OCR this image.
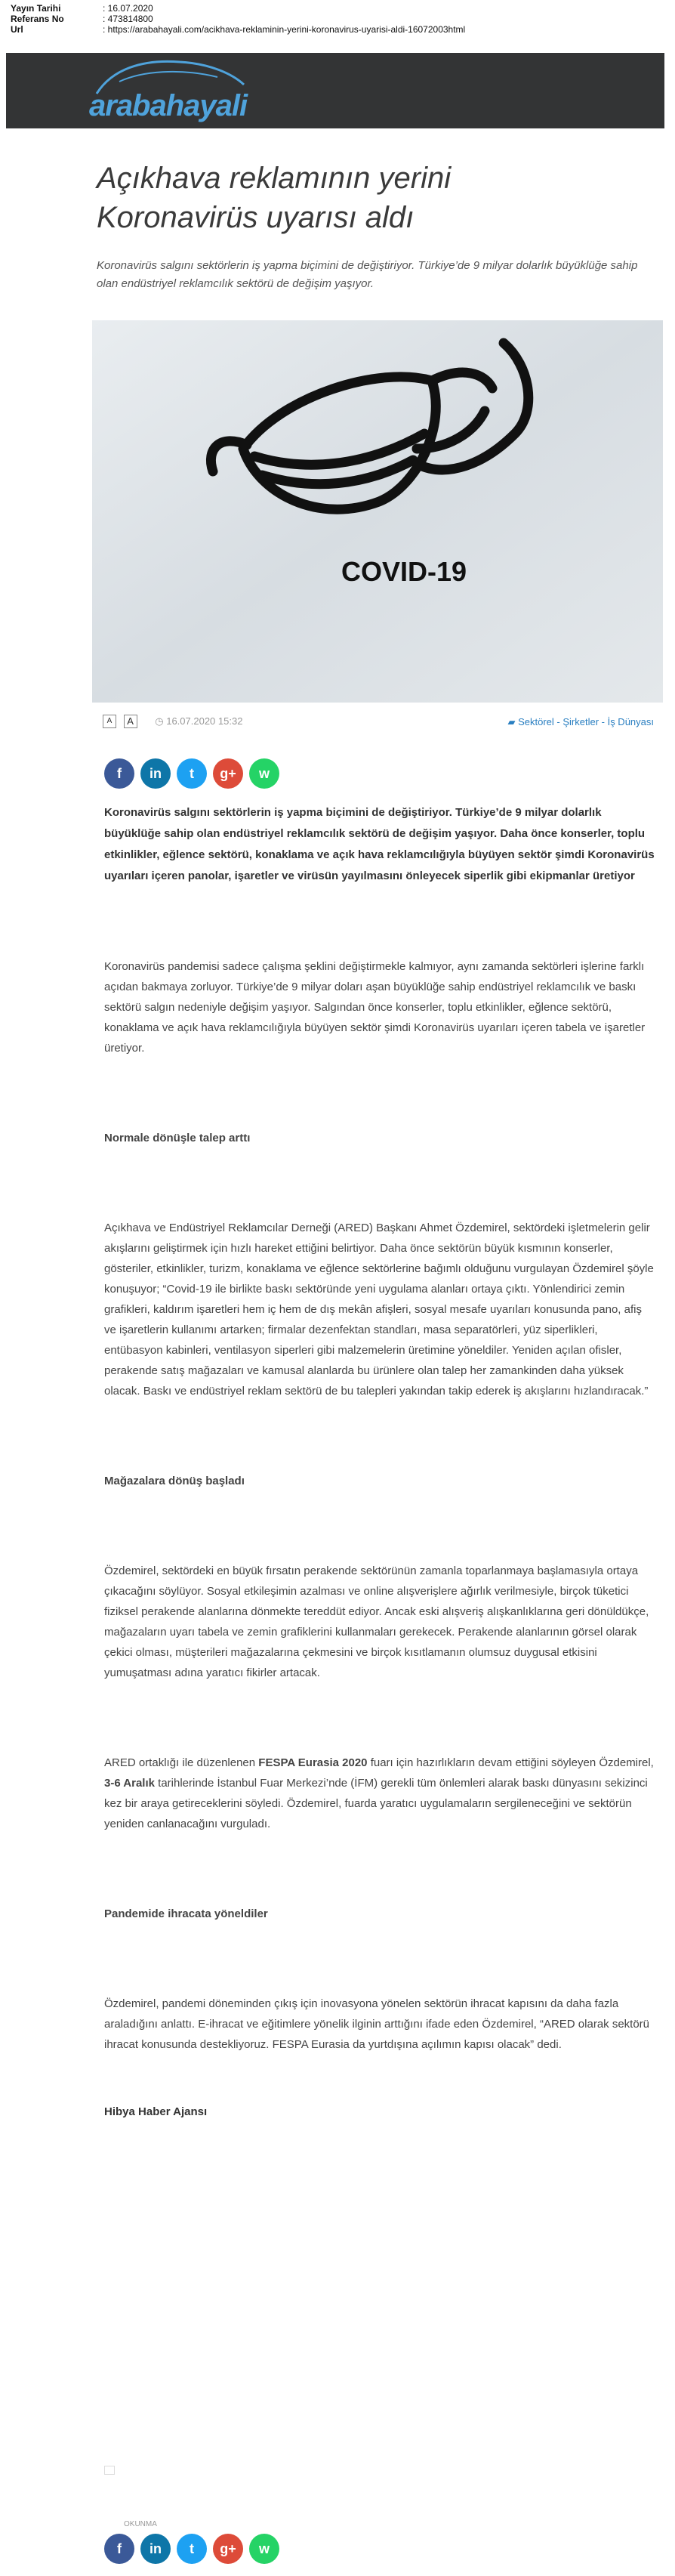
Yayın Tarihi	: 16.07.2020
Referans No	: 473814800
Url	: https://arabahayali.com/acikhava-reklaminin-yerini-koronavirus-uyarisi-aldi-16072003html
arabahayali
Açıkhava reklamının yerini Koronavirüs uyarısı aldı
Koronavirüs salgını sektörlerin iş yapma biçimini de değiştiriyor. Türkiye’de 9 milyar dolarlık büyüklüğe sahip olan endüstriyel reklamcılık sektörü de değişim yaşıyor.
COVID-19
A A ◷ 16.07.2020 15:32	▰ Sektörel - Şirketler - İş Dünyası
f	in	t	g+	w

Koronavirüs salgını sektörlerin iş yapma biçimini de değiştiriyor. Türkiye’de 9 milyar dolarlık büyüklüğe sahip olan endüstriyel reklamcılık sektörü de değişim yaşıyor. Daha önce konserler, toplu etkinlikler, eğlence sektörü, konaklama ve açık hava reklamcılığıyla büyüyen sektör şimdi Koronavirüs uyarıları içeren panolar, işaretler ve virüsün yayılmasını önleyecek siperlik gibi ekipmanlar üretiyor

Koronavirüs pandemisi sadece çalışma şeklini değiştirmekle kalmıyor, aynı zamanda sektörleri işlerine farklı açıdan bakmaya zorluyor. Türkiye’de 9 milyar doları aşan büyüklüğe sahip endüstriyel reklamcılık ve baskı sektörü salgın nedeniyle değişim yaşıyor. Salgından önce konserler, toplu etkinlikler, eğlence sektörü, konaklama ve açık hava reklamcılığıyla büyüyen sektör şimdi Koronavirüs uyarıları içeren tabela ve işaretler üretiyor.

Normale dönüşle talep arttı

Açıkhava ve Endüstriyel Reklamcılar Derneği (ARED) Başkanı Ahmet Özdemirel, sektördeki işletmelerin gelir akışlarını geliştirmek için hızlı hareket ettiğini belirtiyor. Daha önce sektörün büyük kısmının konserler, gösteriler, etkinlikler, turizm, konaklama ve eğlence sektörlerine bağımlı olduğunu vurgulayan Özdemirel şöyle konuşuyor; “Covid-19 ile birlikte baskı sektöründe yeni uygulama alanları ortaya çıktı. Yönlendirici zemin grafikleri, kaldırım işaretleri hem iç hem de dış mekân afişleri, sosyal mesafe uyarıları konusunda pano, afiş ve işaretlerin kullanımı artarken; firmalar dezenfektan standları, masa separatörleri, yüz siperlikleri, entübasyon kabinleri, ventilasyon siperleri gibi malzemelerin üretimine yöneldiler. Yeniden açılan ofisler, perakende satış mağazaları ve kamusal alanlarda bu ürünlere olan talep her zamankinden daha yüksek olacak. Baskı ve endüstriyel reklam sektörü de bu talepleri yakından takip ederek iş akışlarını hızlandıracak.”

Mağazalara dönüş başladı

Özdemirel, sektördeki en büyük fırsatın perakende sektörünün zamanla toparlanmaya başlamasıyla ortaya çıkacağını söylüyor. Sosyal etkileşimin azalması ve online alışverişlere ağırlık verilmesiyle, birçok tüketici fiziksel perakende alanlarına dönmekte tereddüt ediyor. Ancak eski alışveriş alışkanlıklarına geri dönüldükçe, mağazaların uyarı tabela ve zemin grafiklerini kullanmaları gerekecek. Perakende alanlarının görsel olarak çekici olması, müşterileri mağazalarına çekmesini ve birçok kısıtlamanın olumsuz duygusal etkisini yumuşatması adına yaratıcı fikirler artacak.

ARED ortaklığı ile düzenlenen FESPA Eurasia 2020 fuarı için hazırlıkların devam ettiğini söyleyen Özdemirel, 3-6 Aralık tarihlerinde İstanbul Fuar Merkezi’nde (İFM) gerekli tüm önlemleri alarak baskı dünyasını sekizinci kez bir araya getireceklerini söyledi. Özdemirel, fuarda yaratıcı uygulamaların sergileneceğini ve sektörün yeniden canlanacağını vurguladı.

Pandemide ihracata yöneldiler

Özdemirel, pandemi döneminden çıkış için inovasyona yönelen sektörün ihracat kapısını da daha fazla araladığını anlattı. E-ihracat ve eğitimlere yönelik ilginin arttığını ifade eden Özdemirel, “ARED olarak sektörü ihracat konusunda destekliyoruz. FESPA Eurasia da yurtdışına açılımın kapısı olacak” dedi.

Hibya Haber Ajansı

OKUNMA
f	in	t	g+	w
